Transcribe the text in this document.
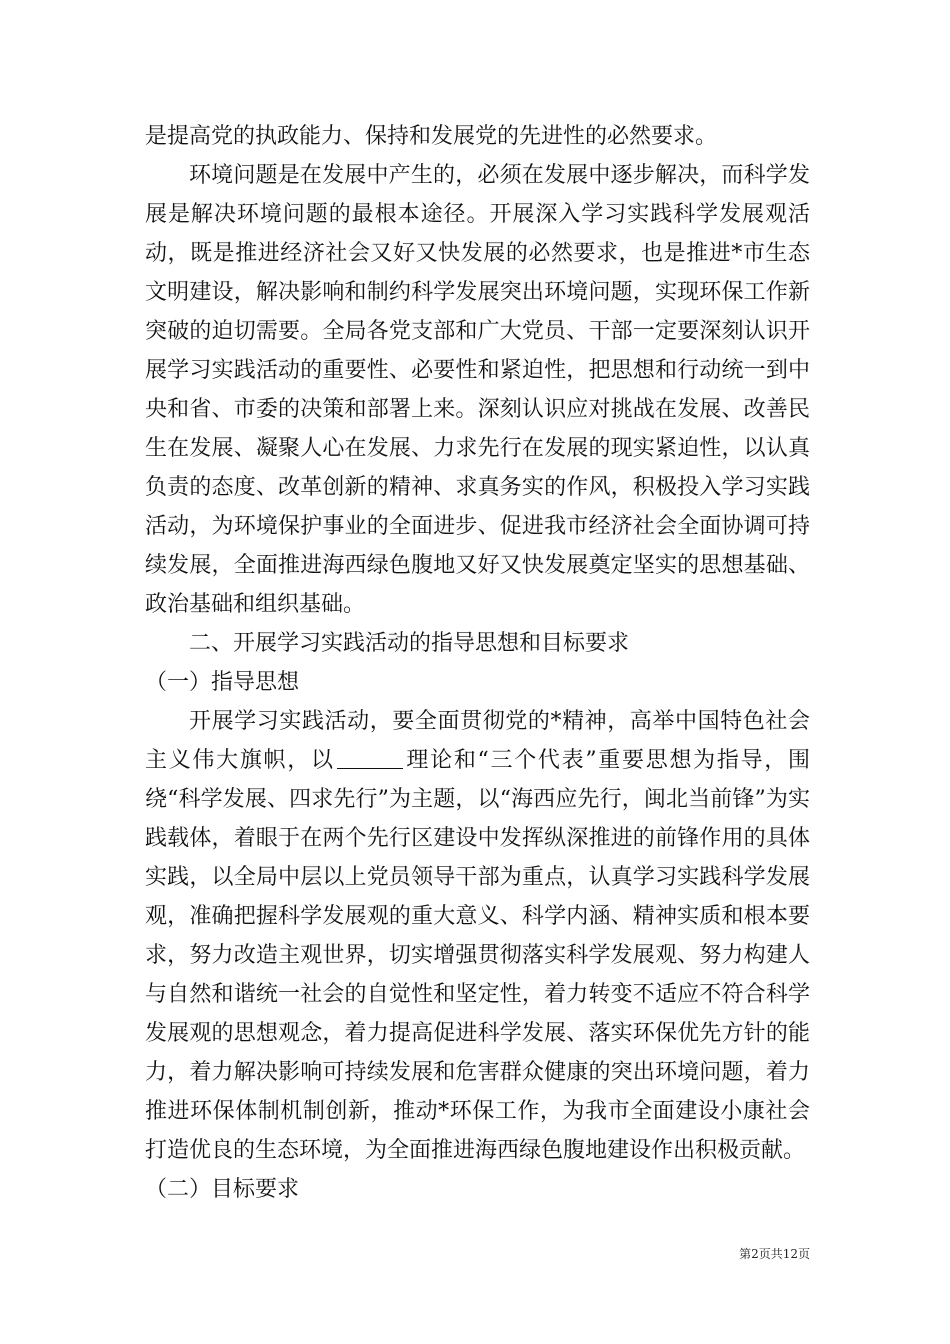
是提高党的执政能力、保持和发展党的先进性的必然要求。

环境问题是在发展中产生的，必须在发展中逐步解决，而科学发展是解决环境问题的最根本途径。开展深入学习实践科学发展观活动，既是推进经济社会又好又快发展的必然要求，也是推进*市生态文明建设，解决影响和制约科学发展突出环境问题，实现环保工作新突破的迫切需要。全局各党支部和广大党员、干部一定要深刻认识开展学习实践活动的重要性、必要性和紧迫性，把思想和行动统一到中央和省、市委的决策和部署上来。深刻认识应对挑战在发展、改善民生在发展、凝聚人心在发展、力求先行在发展的现实紧迫性，以认真负责的态度、改革创新的精神、求真务实的作风，积极投入学习实践活动，为环境保护事业的全面进步、促进我市经济社会全面协调可持续发展，全面推进海西绿色腹地又好又快发展奠定坚实的思想基础、政治基础和组织基础。

二、开展学习实践活动的指导思想和目标要求

（一）指导思想

开展学习实践活动，要全面贯彻党的*精神，高举中国特色社会主义伟大旗帜，以	理论和“三个代表”重要思想为指导，围绕“科学发展、四求先行”为主题，以“海西应先行，闽北当前锋”为实践载体，着眼于在两个先行区建设中发挥纵深推进的前锋作用的具体实践，以全局中层以上党员领导干部为重点，认真学习实践科学发展观，准确把握科学发展观的重大意义、科学内涵、精神实质和根本要求，努力改造主观世界，切实增强贯彻落实科学发展观、努力构建人与自然和谐统一社会的自觉性和坚定性，着力转变不适应不符合科学发展观的思想观念，着力提高促进科学发展、落实环保优先方针的能力，着力解决影响可持续发展和危害群众健康的突出环境问题，着力推进环保体制机制创新，推动*环保工作，为我市全面建设小康社会打造优良的生态环境，为全面推进海西绿色腹地建设作出积极贡献。

（二）目标要求

第2页共12页
